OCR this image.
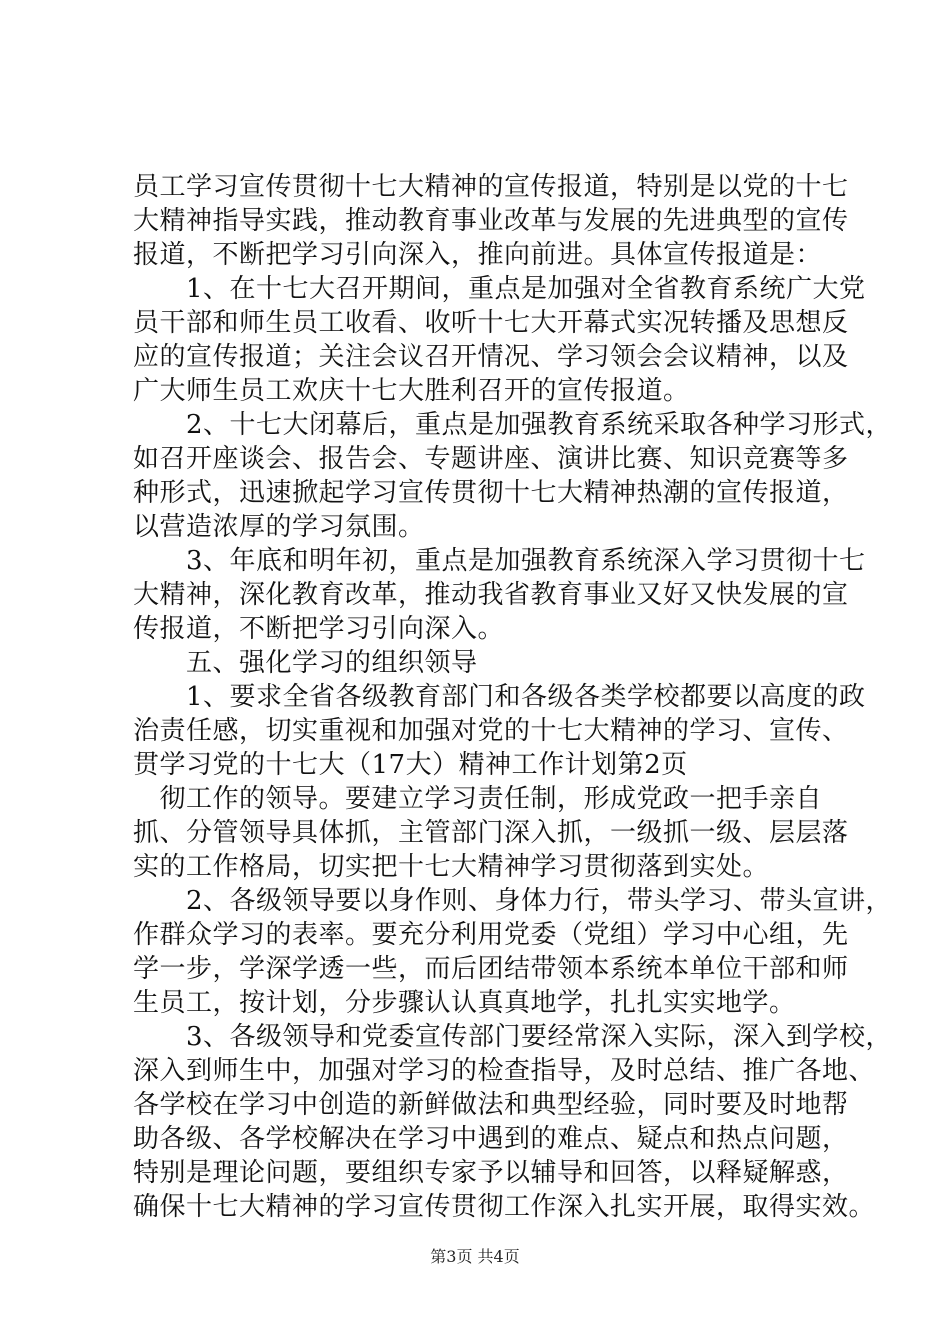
员工学习宣传贯彻十七大精神的宣传报道，特别是以党的十七
大精神指导实践，推动教育事业改革与发展的先进典型的宣传
报道，不断把学习引向深入，推向前进。具体宣传报道是：
　　1、在十七大召开期间，重点是加强对全省教育系统广大党
员干部和师生员工收看、收听十七大开幕式实况转播及思想反
应的宣传报道；关注会议召开情况、学习领会会议精神，以及
广大师生员工欢庆十七大胜利召开的宣传报道。
　　2、十七大闭幕后，重点是加强教育系统采取各种学习形式，
如召开座谈会、报告会、专题讲座、演讲比赛、知识竞赛等多
种形式，迅速掀起学习宣传贯彻十七大精神热潮的宣传报道，
以营造浓厚的学习氛围。
　　3、年底和明年初，重点是加强教育系统深入学习贯彻十七
大精神，深化教育改革，推动我省教育事业又好又快发展的宣
传报道，不断把学习引向深入。
　　五、强化学习的组织领导
　　1、要求全省各级教育部门和各级各类学校都要以高度的政
治责任感，切实重视和加强对党的十七大精神的学习、宣传、
贯学习党的十七大（17大）精神工作计划第2页
　彻工作的领导。要建立学习责任制，形成党政一把手亲自
抓、分管领导具体抓，主管部门深入抓，一级抓一级、层层落
实的工作格局，切实把十七大精神学习贯彻落到实处。
　　2、各级领导要以身作则、身体力行，带头学习、带头宣讲，
作群众学习的表率。要充分利用党委（党组）学习中心组，先
学一步，学深学透一些，而后团结带领本系统本单位干部和师
生员工，按计划，分步骤认认真真地学，扎扎实实地学。
　　3、各级领导和党委宣传部门要经常深入实际，深入到学校，
深入到师生中，加强对学习的检查指导，及时总结、推广各地、
各学校在学习中创造的新鲜做法和典型经验，同时要及时地帮
助各级、各学校解决在学习中遇到的难点、疑点和热点问题，
特别是理论问题，要组织专家予以辅导和回答，以释疑解惑，
确保十七大精神的学习宣传贯彻工作深入扎实开展，取得实效。
第3页 共4页
